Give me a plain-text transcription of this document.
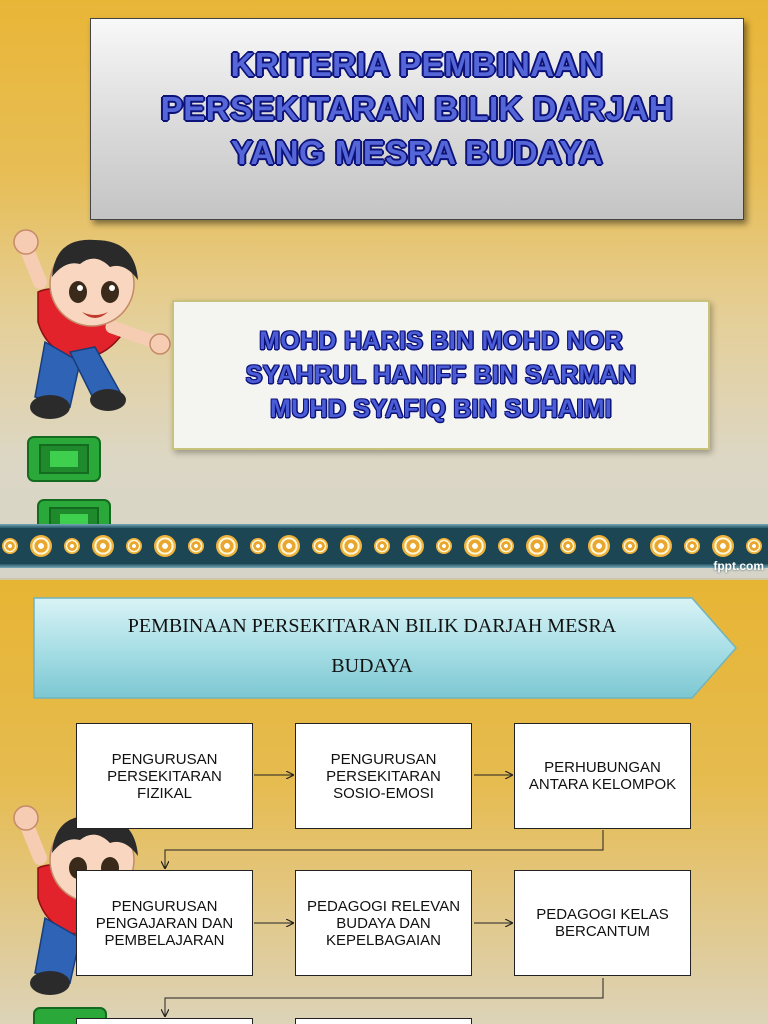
KRITERIA PEMBINAAN
PERSEKITARAN BILIK DARJAH
YANG MESRA BUDAYA
MOHD HARIS BIN MOHD NOR
SYAHRUL HANIFF BIN SARMAN
MUHD SYAFIQ BIN SUHAIMI
fppt.com
PEMBINAAN PERSEKITARAN BILIK DARJAH MESRA
BUDAYA
PENGURUSAN PERSEKITARAN FIZIKAL
PENGURUSAN PERSEKITARAN SOSIO-EMOSI
PERHUBUNGAN ANTARA KELOMPOK
PENGURUSAN PENGAJARAN DAN PEMBELAJARAN
PEDAGOGI RELEVAN BUDAYA DAN KEPELBAGAIAN
PEDAGOGI KELAS BERCANTUM
